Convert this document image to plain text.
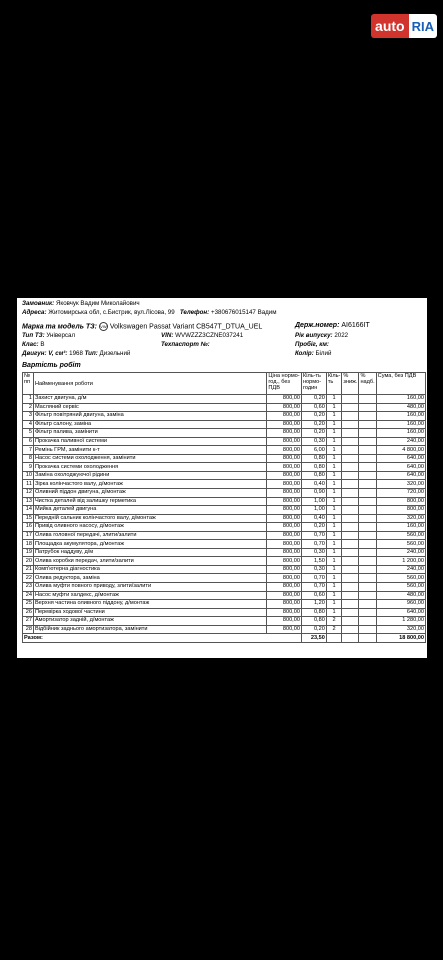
auto RIA
Замовник: Яковчук Вадим Миколайович
Адреса: Житомирська обл, с.Бистрик, вул.Лісова, 99 Телефон: +380676015147 Вадим
Марка та модель ТЗ: VW Volkswagen Passat Variant CB547T_DTUA_UEL	Держ.номер: AI6166IT
Тип ТЗ: Універсал	VIN: WVWZZZ3CZNE037241	Рік випуску: 2022
Клас: B	Техпаспорт №:	Пробіг, км:
Двигун: V, см³: 1968 Тип: Дизельний	Колір: Білий
Вартість робіт
№ пп	Найменування роботи	Ціна нормо-год., без ПДВ	Кіль-ть нормо-годин	Кіль-ть	% зниж.	% надб.	Сума, без ПДВ
1	Захист двигуна, д/м	800,00	0,20	1			160,00
2	Масляний сервіс	800,00	0,60	1			480,00
3	Фільтр повітряний двигуна, заміна	800,00	0,20	1			160,00
4	Фільтр салону, заміна	800,00	0,20	1			160,00
5	Фільтр палива, замінити	800,00	0,20	1			160,00
6	Прокачка паливної системи	800,00	0,30	1			240,00
7	Ремінь ГРМ, замінити к-т	800,00	6,00	1			4 800,00
8	Насос системи охолодження, замінити	800,00	0,80	1			640,00
9	Прокачка системи охолодження	800,00	0,80	1			640,00
10	Заміна охолоджуючої рідини	800,00	0,80	1			640,00
11	Зірка колінчастого валу, д/монтаж	800,00	0,40	1			320,00
12	Оливний піддон двигуна, д/монтаж	800,00	0,90	1			720,00
13	Чистка деталей від залишку герметика	800,00	1,00	1			800,00
14	Мийка деталей двигуна	800,00	1,00	1			800,00
15	Передній сальник колінчастого валу, д/монтаж	800,00	0,40	1			320,00
16	Привід оливного насосу, д/монтаж	800,00	0,20	1			160,00
17	Олива головної передачі, злити/залити	800,00	0,70	1			560,00
18	Площадка акумулятора, д/монтаж	800,00	0,70	1			560,00
19	Патрубок наддуву, д/м	800,00	0,30	1			240,00
20	Олива коробки передач, злити/залити	800,00	1,50	1			1 200,00
21	Комп'ютерна діагностика	800,00	0,30	1			240,00
22	Олива редуктора, заміна	800,00	0,70	1			560,00
23	Олива муфти повного приводу, злити/залити	800,00	0,70	1			560,00
24	Насос муфти халдекс, д/монтаж	800,00	0,60	1			480,00
25	Верхня частина оливного піддону, д/монтаж	800,00	1,20	1			960,00
26	Перевірка ходової частини	800,00	0,80	1			640,00
27	Амортизатор задній, д/монтаж	800,00	0,80	2			1 280,00
28	Відбійник заднього амортизатора, замінити	800,00	0,20	2			320,00
Разом:			23,50				18 800,00
